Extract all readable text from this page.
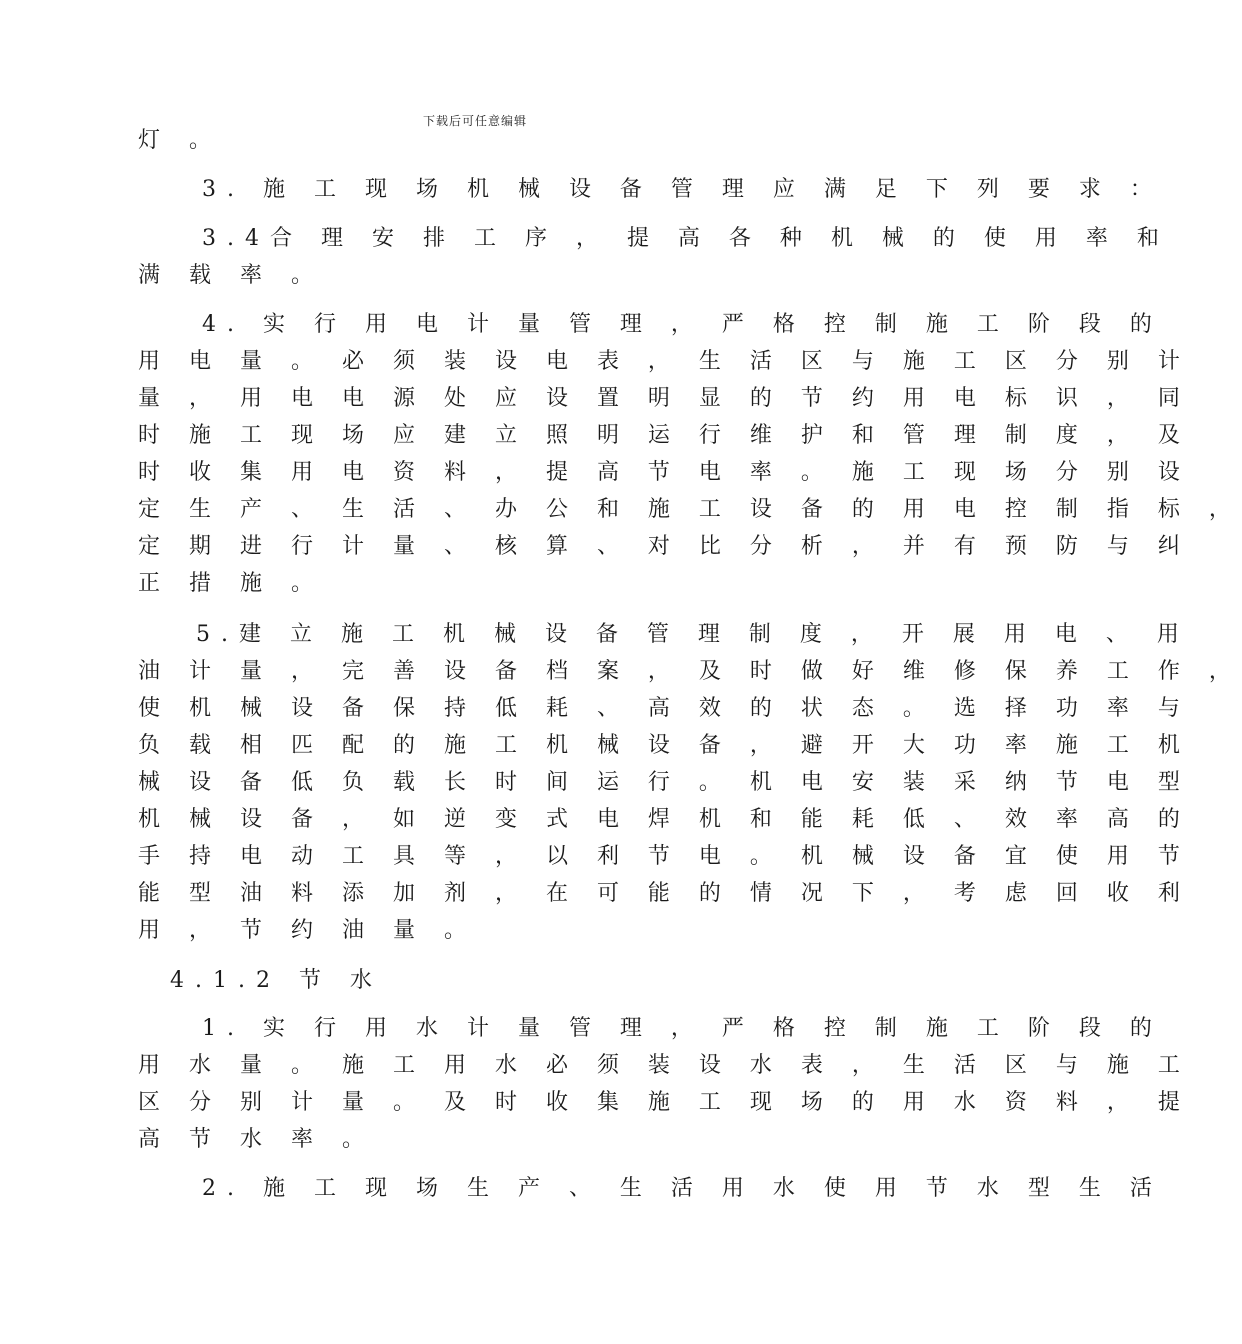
下载后可任意编辑
灯 。
3. 施 工 现 场 机 械 设 备 管 理 应 满 足 下 列 要 求 ：
3.4合 理 安 排 工 序 ， 提 高 各 种 机 械 的 使 用 率 和
满 载 率 。
4. 实 行 用 电 计 量 管 理 ， 严 格 控 制 施 工 阶 段 的
用 电 量 。 必 须 装 设 电 表 ， 生 活 区 与 施 工 区 分 别 计
量 ， 用 电 电 源 处 应 设 置 明 显 的 节 约 用 电 标 识 ， 同
时 施 工 现 场 应 建 立 照 明 运 行 维 护 和 管 理 制 度 ， 及
时 收 集 用 电 资 料 ， 提 高 节 电 率 。 施 工 现 场 分 别 设
定 生 产 、 生 活 、 办 公 和 施 工 设 备 的 用 电 控 制 指 标 ，
定 期 进 行 计 量 、 核 算 、 对 比 分 析 ， 并 有 预 防 与 纠
正 措 施 。
5.建 立 施 工 机 械 设 备 管 理 制 度 ， 开 展 用 电 、 用
油 计 量 ， 完 善 设 备 档 案 ， 及 时 做 好 维 修 保 养 工 作 ，
使 机 械 设 备 保 持 低 耗 、 高 效 的 状 态 。 选 择 功 率 与
负 载 相 匹 配 的 施 工 机 械 设 备 ， 避 开 大 功 率 施 工 机
械 设 备 低 负 载 长 时 间 运 行 。 机 电 安 装 采 纳 节 电 型
机 械 设 备 ， 如 逆 变 式 电 焊 机 和 能 耗 低 、 效 率 高 的
手 持 电 动 工 具 等 ， 以 利 节 电 。 机 械 设 备 宜 使 用 节
能 型 油 料 添 加 剂 ， 在 可 能 的 情 况 下 ， 考 虑 回 收 利
用 ， 节 约 油 量 。
4.1.2 节 水
1. 实 行 用 水 计 量 管 理 ， 严 格 控 制 施 工 阶 段 的
用 水 量 。 施 工 用 水 必 须 装 设 水 表 ， 生 活 区 与 施 工
区 分 别 计 量 。 及 时 收 集 施 工 现 场 的 用 水 资 料 ， 提
高 节 水 率 。
2. 施 工 现 场 生 产 、 生 活 用 水 使 用 节 水 型 生 活
